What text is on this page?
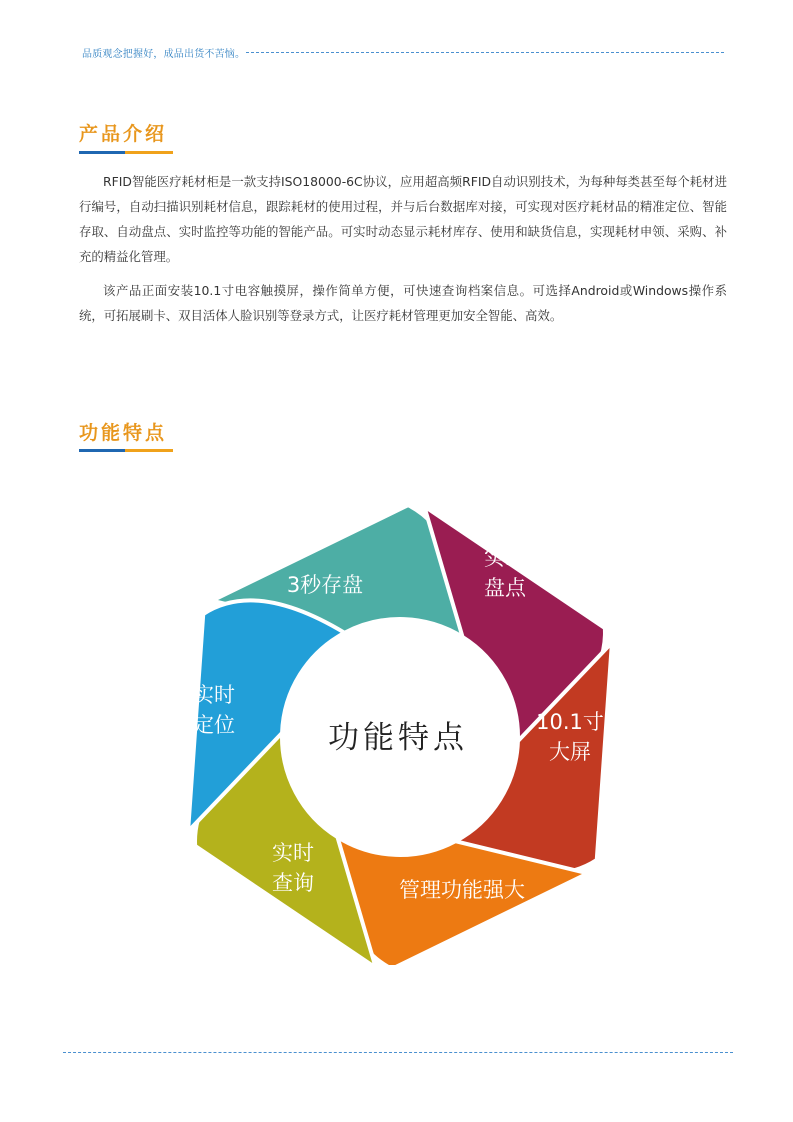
品质观念把握好，成品出货不苦恼。
产品介绍
RFID智能医疗耗材柜是一款支持ISO18000-6C协议，应用超高频RFID自动识别技术，为每种每类甚至每个耗材进行编号，自动扫描识别耗材信息，跟踪耗材的使用过程，并与后台数据库对接，可实现对医疗耗材品的精准定位、智能存取、自动盘点、实时监控等功能的智能产品。可实时动态显示耗材库存、使用和缺货信息，实现耗材申领、采购、补充的精益化管理。
该产品正面安装10.1寸电容触摸屏，操作简单方便，可快速查询档案信息。可选择Android或Windows操作系统，可拓展刷卡、双目活体人脸识别等登录方式，让医疗耗材管理更加安全智能、高效。
功能特点
3秒存盘
实时盘点
10.1寸大屏
管理功能强大
实时查询
实时定位	功能特点
